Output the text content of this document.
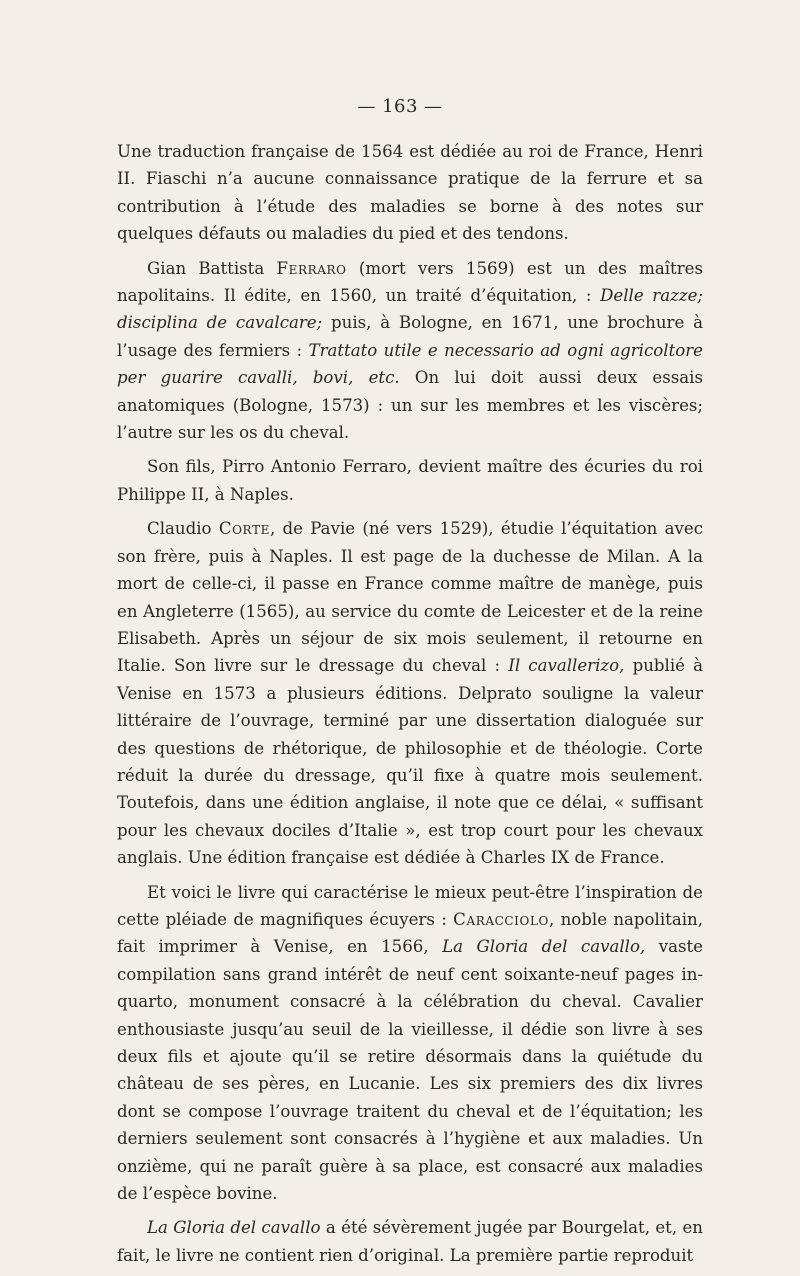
— 163 —

Une traduction française de 1564 est dédiée au roi de France, Henri II. Fiaschi n’a aucune connaissance pratique de la ferrure et sa contribution à l’étude des maladies se borne à des notes sur quelques défauts ou maladies du pied et des tendons.

Gian Battista Ferraro (mort vers 1569) est un des maîtres napolitains. Il édite, en 1560, un traité d’équitation, : Delle razze; disciplina de cavalcare; puis, à Bologne, en 1671, une brochure à l’usage des fermiers : Trattato utile e necessario ad ogni agricoltore per guarire cavalli, bovi, etc. On lui doit aussi deux essais anatomiques (Bologne, 1573) : un sur les membres et les viscères; l’autre sur les os du cheval.

Son fils, Pirro Antonio Ferraro, devient maître des écuries du roi Philippe II, à Naples.

Claudio Corte, de Pavie (né vers 1529), étudie l’équitation avec son frère, puis à Naples. Il est page de la duchesse de Milan. A la mort de celle-ci, il passe en France comme maître de manège, puis en Angleterre (1565), au service du comte de Leicester et de la reine Elisabeth. Après un séjour de six mois seulement, il retourne en Italie. Son livre sur le dressage du cheval : Il cavallerizo, publié à Venise en 1573 a plusieurs éditions. Delprato souligne la valeur littéraire de l’ouvrage, terminé par une dissertation dialoguée sur des questions de rhétorique, de philosophie et de théologie. Corte réduit la durée du dressage, qu’il fixe à quatre mois seulement. Toutefois, dans une édition anglaise, il note que ce délai, « suffisant pour les chevaux dociles d’Italie », est trop court pour les chevaux anglais. Une édition française est dédiée à Charles IX de France.

Et voici le livre qui caractérise le mieux peut-être l’inspiration de cette pléiade de magnifiques écuyers : Caracciolo, noble napolitain, fait imprimer à Venise, en 1566, La Gloria del cavallo, vaste compilation sans grand intérêt de neuf cent soixante-neuf pages in-quarto, monument consacré à la célébration du cheval. Cavalier enthousiaste jusqu’au seuil de la vieillesse, il dédie son livre à ses deux fils et ajoute qu’il se retire désormais dans la quiétude du château de ses pères, en Lucanie. Les six premiers des dix livres dont se compose l’ouvrage traitent du cheval et de l’équitation; les derniers seulement sont consacrés à l’hygiène et aux maladies. Un onzième, qui ne paraît guère à sa place, est consacré aux maladies de l’espèce bovine.

La Gloria del cavallo a été sévèrement jugée par Bourgelat, et, en fait, le livre ne contient rien d’original. La première partie reproduit
